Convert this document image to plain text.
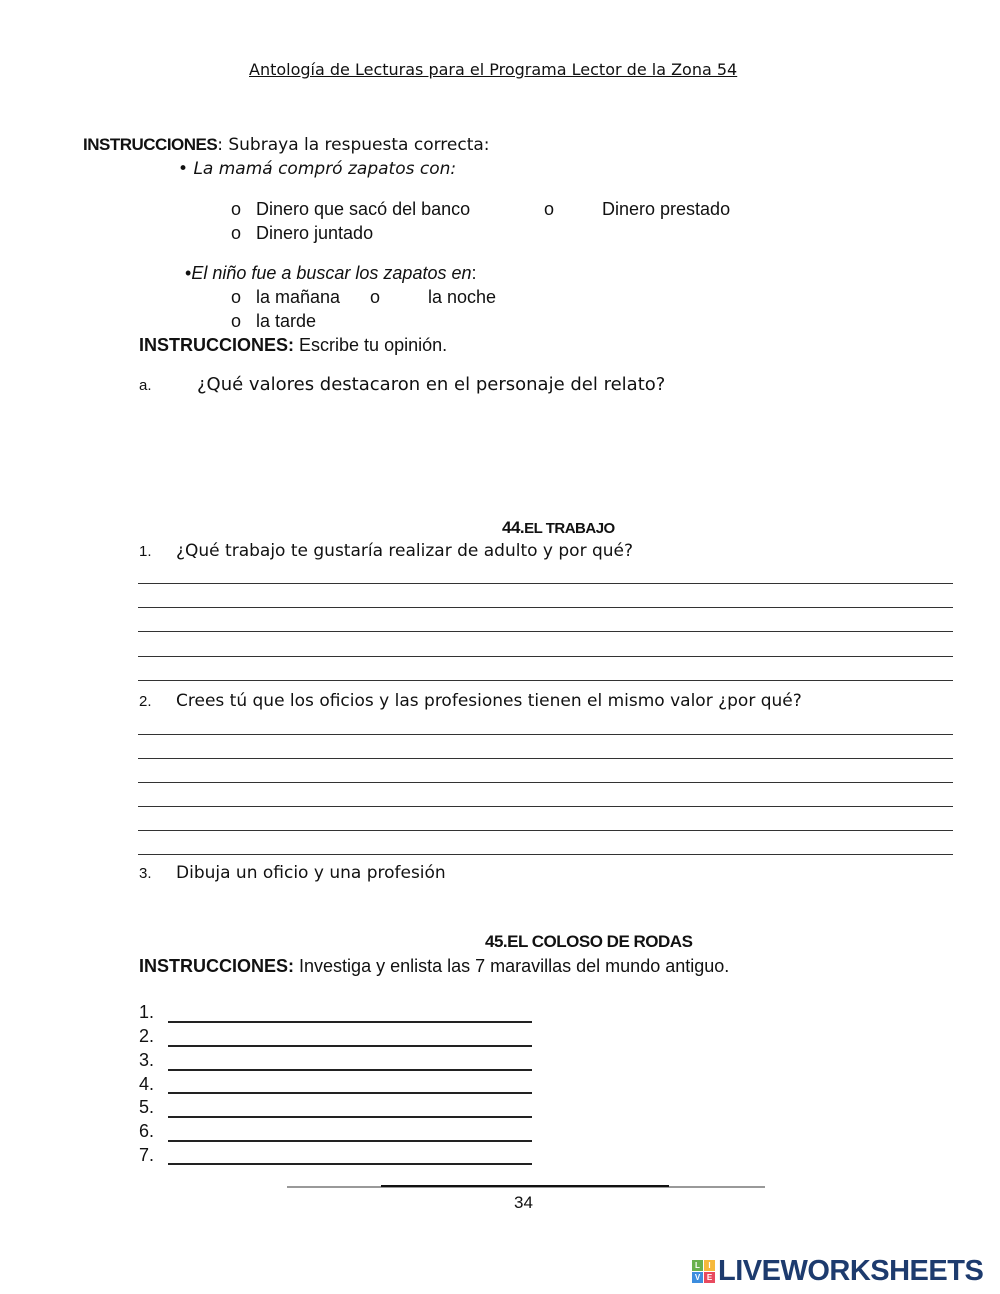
Antología de Lecturas para el Programa Lector de la Zona 54
INSTRUCCIONES: Subraya la respuesta correcta:
• La mamá compró zapatos con:
o Dinero que sacó del banco	o	Dinero prestado
o Dinero juntado
•El niño fue a buscar los zapatos en:
o la mañana o	la noche
o la tarde
INSTRUCCIONES: Escribe tu opinión.
a.	¿Qué valores destacaron en el personaje del relato?
44.EL TRABAJO
1. ¿Qué trabajo te gustaría realizar de adulto y por qué?
2. Crees tú que los oficios y las profesiones tienen el mismo valor ¿por qué?
3. Dibuja un oficio y una profesión
45.EL COLOSO DE RODAS
INSTRUCCIONES: Investiga y enlista las 7 maravillas del mundo antiguo.
1.
2.
3.
4.
5.
6.
7.
34
L	I
V E LIVEWORKSHEETS
